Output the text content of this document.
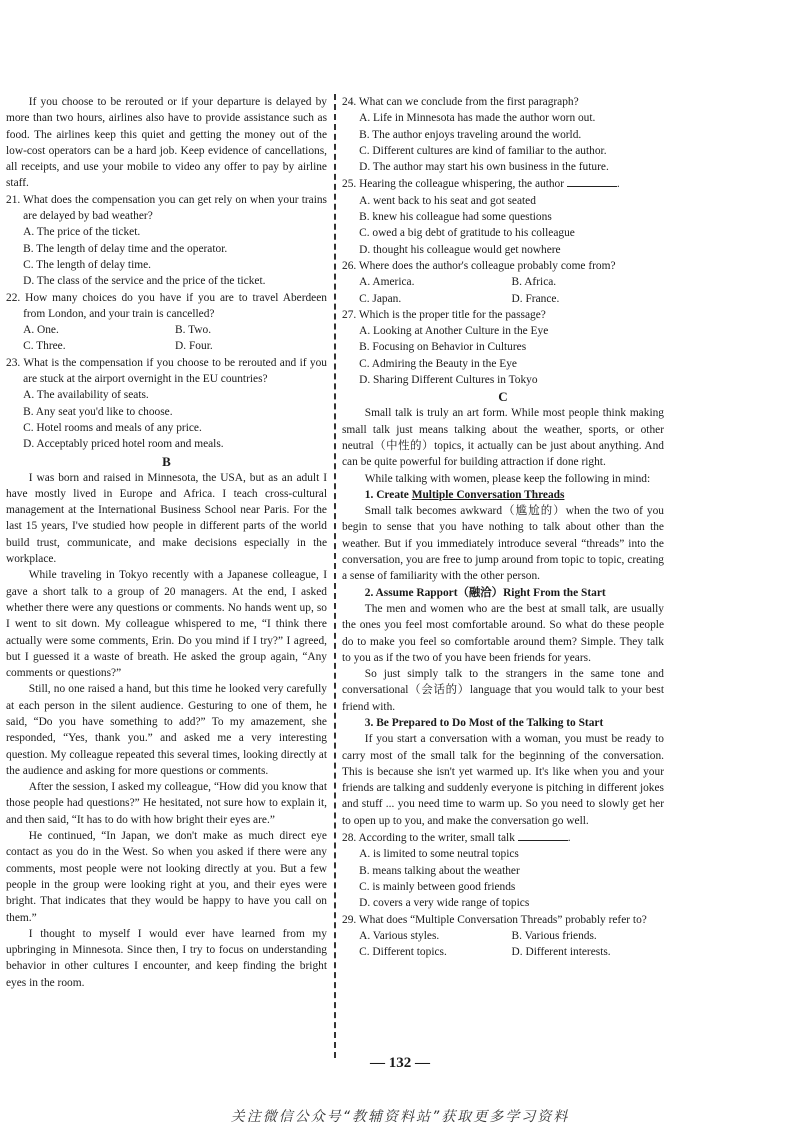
If you choose to be rerouted or if your departure is delayed by more than two hours, airlines also have to provide assistance such as food. The airlines keep this quiet and getting the money out of the low-cost operators can be a hard job. Keep evidence of cancellations, all receipts, and use your mobile to video any offer to pay by airline staff.

21. What does the compensation you can get rely on when your trains are delayed by bad weather?

A. The price of the ticket.
B. The length of delay time and the operator.
C. The length of delay time.
D. The class of the service and the price of the ticket.

22. How many choices do you have if you are to travel Aberdeen from London, and your train is cancelled?

A. One.	B. Two.
C. Three.	D. Four.

23. What is the compensation if you choose to be rerouted and if you are stuck at the airport overnight in the EU countries?

A. The availability of seats.
B. Any seat you'd like to choose.
C. Hotel rooms and meals of any price.
D. Acceptably priced hotel room and meals.
B

I was born and raised in Minnesota, the USA, but as an adult I have mostly lived in Europe and Africa. I teach cross-cultural management at the International Business School near Paris. For the last 15 years, I've studied how people in different parts of the world build trust, communicate, and make decisions especially in the workplace.

While traveling in Tokyo recently with a Japanese colleague, I gave a short talk to a group of 20 managers. At the end, I asked whether there were any questions or comments. No hands went up, so I went to sit down. My colleague whispered to me, “I think there actually were some comments, Erin. Do you mind if I try?” I agreed, but I guessed it a waste of breath. He asked the group again, “Any comments or questions?”

Still, no one raised a hand, but this time he looked very carefully at each person in the silent audience. Gesturing to one of them, he said, “Do you have something to add?” To my amazement, she responded, “Yes, thank you.” and asked me a very interesting question. My colleague repeated this several times, looking directly at the audience and asking for more questions or comments.

After the session, I asked my colleague, “How did you know that those people had questions?” He hesitated, not sure how to explain it, and then said, “It has to do with how bright their eyes are.”

He continued, “In Japan, we don't make as much direct eye contact as you do in the West. So when you asked if there were any comments, most people were not looking directly at you. But a few people in the group were looking right at you, and their eyes were bright. That indicates that they would be happy to have you call on them.”

I thought to myself I would ever have learned from my upbringing in Minnesota. Since then, I try to focus on understanding behavior in other cultures I encounter, and keep finding the bright eyes in the room.

24. What can we conclude from the first paragraph?

A. Life in Minnesota has made the author worn out.
B. The author enjoys traveling around the world.
C. Different cultures are kind of familiar to the author.
D. The author may start his own business in the future.

25. Hearing the colleague whispering, the author	.

A. went back to his seat and got seated
B. knew his colleague had some questions
C. owed a big debt of gratitude to his colleague
D. thought his colleague would get nowhere

26. Where does the author's colleague probably come from?

A. America.	B. Africa.
C. Japan.	D. France.

27. Which is the proper title for the passage?

A. Looking at Another Culture in the Eye
B. Focusing on Behavior in Cultures
C. Admiring the Beauty in the Eye
D. Sharing Different Cultures in Tokyo
C

Small talk is truly an art form. While most people think making small talk just means talking about the weather, sports, or other neutral（中性的）topics, it actually can be just about anything. And can be quite powerful for building attraction if done right.

While talking with women, please keep the following in mind:

1. Create Multiple Conversation Threads

Small talk becomes awkward（尴尬的）when the two of you begin to sense that you have nothing to talk about other than the weather. But if you immediately introduce several “threads” into the conversation, you are free to jump around from topic to topic, creating a sense of familiarity with the other person.

2. Assume Rapport（融洽）Right From the Start

The men and women who are the best at small talk, are usually the ones you feel most comfortable around. So what do these people do to make you feel so comfortable around them? Simple. They talk to you as if the two of you have been friends for years.

So just simply talk to the strangers in the same tone and conversational（会话的）language that you would talk to your best friend with.

3. Be Prepared to Do Most of the Talking to Start

If you start a conversation with a woman, you must be ready to carry most of the small talk for the beginning of the conversation. This is because she isn't yet warmed up. It's like when you and your friends are talking and suddenly everyone is pitching in different jokes and stuff ... you need time to warm up. So you need to slowly get her to open up to you, and make the conversation go well.

28. According to the writer, small talk	.

A. is limited to some neutral topics
B. means talking about the weather
C. is mainly between good friends
D. covers a very wide range of topics

29. What does “Multiple Conversation Threads” probably refer to?

A. Various styles.	B. Various friends.
C. Different topics.	D. Different interests.
— 132 —
关注微信公众号“教辅资料站”获取更多学习资料
